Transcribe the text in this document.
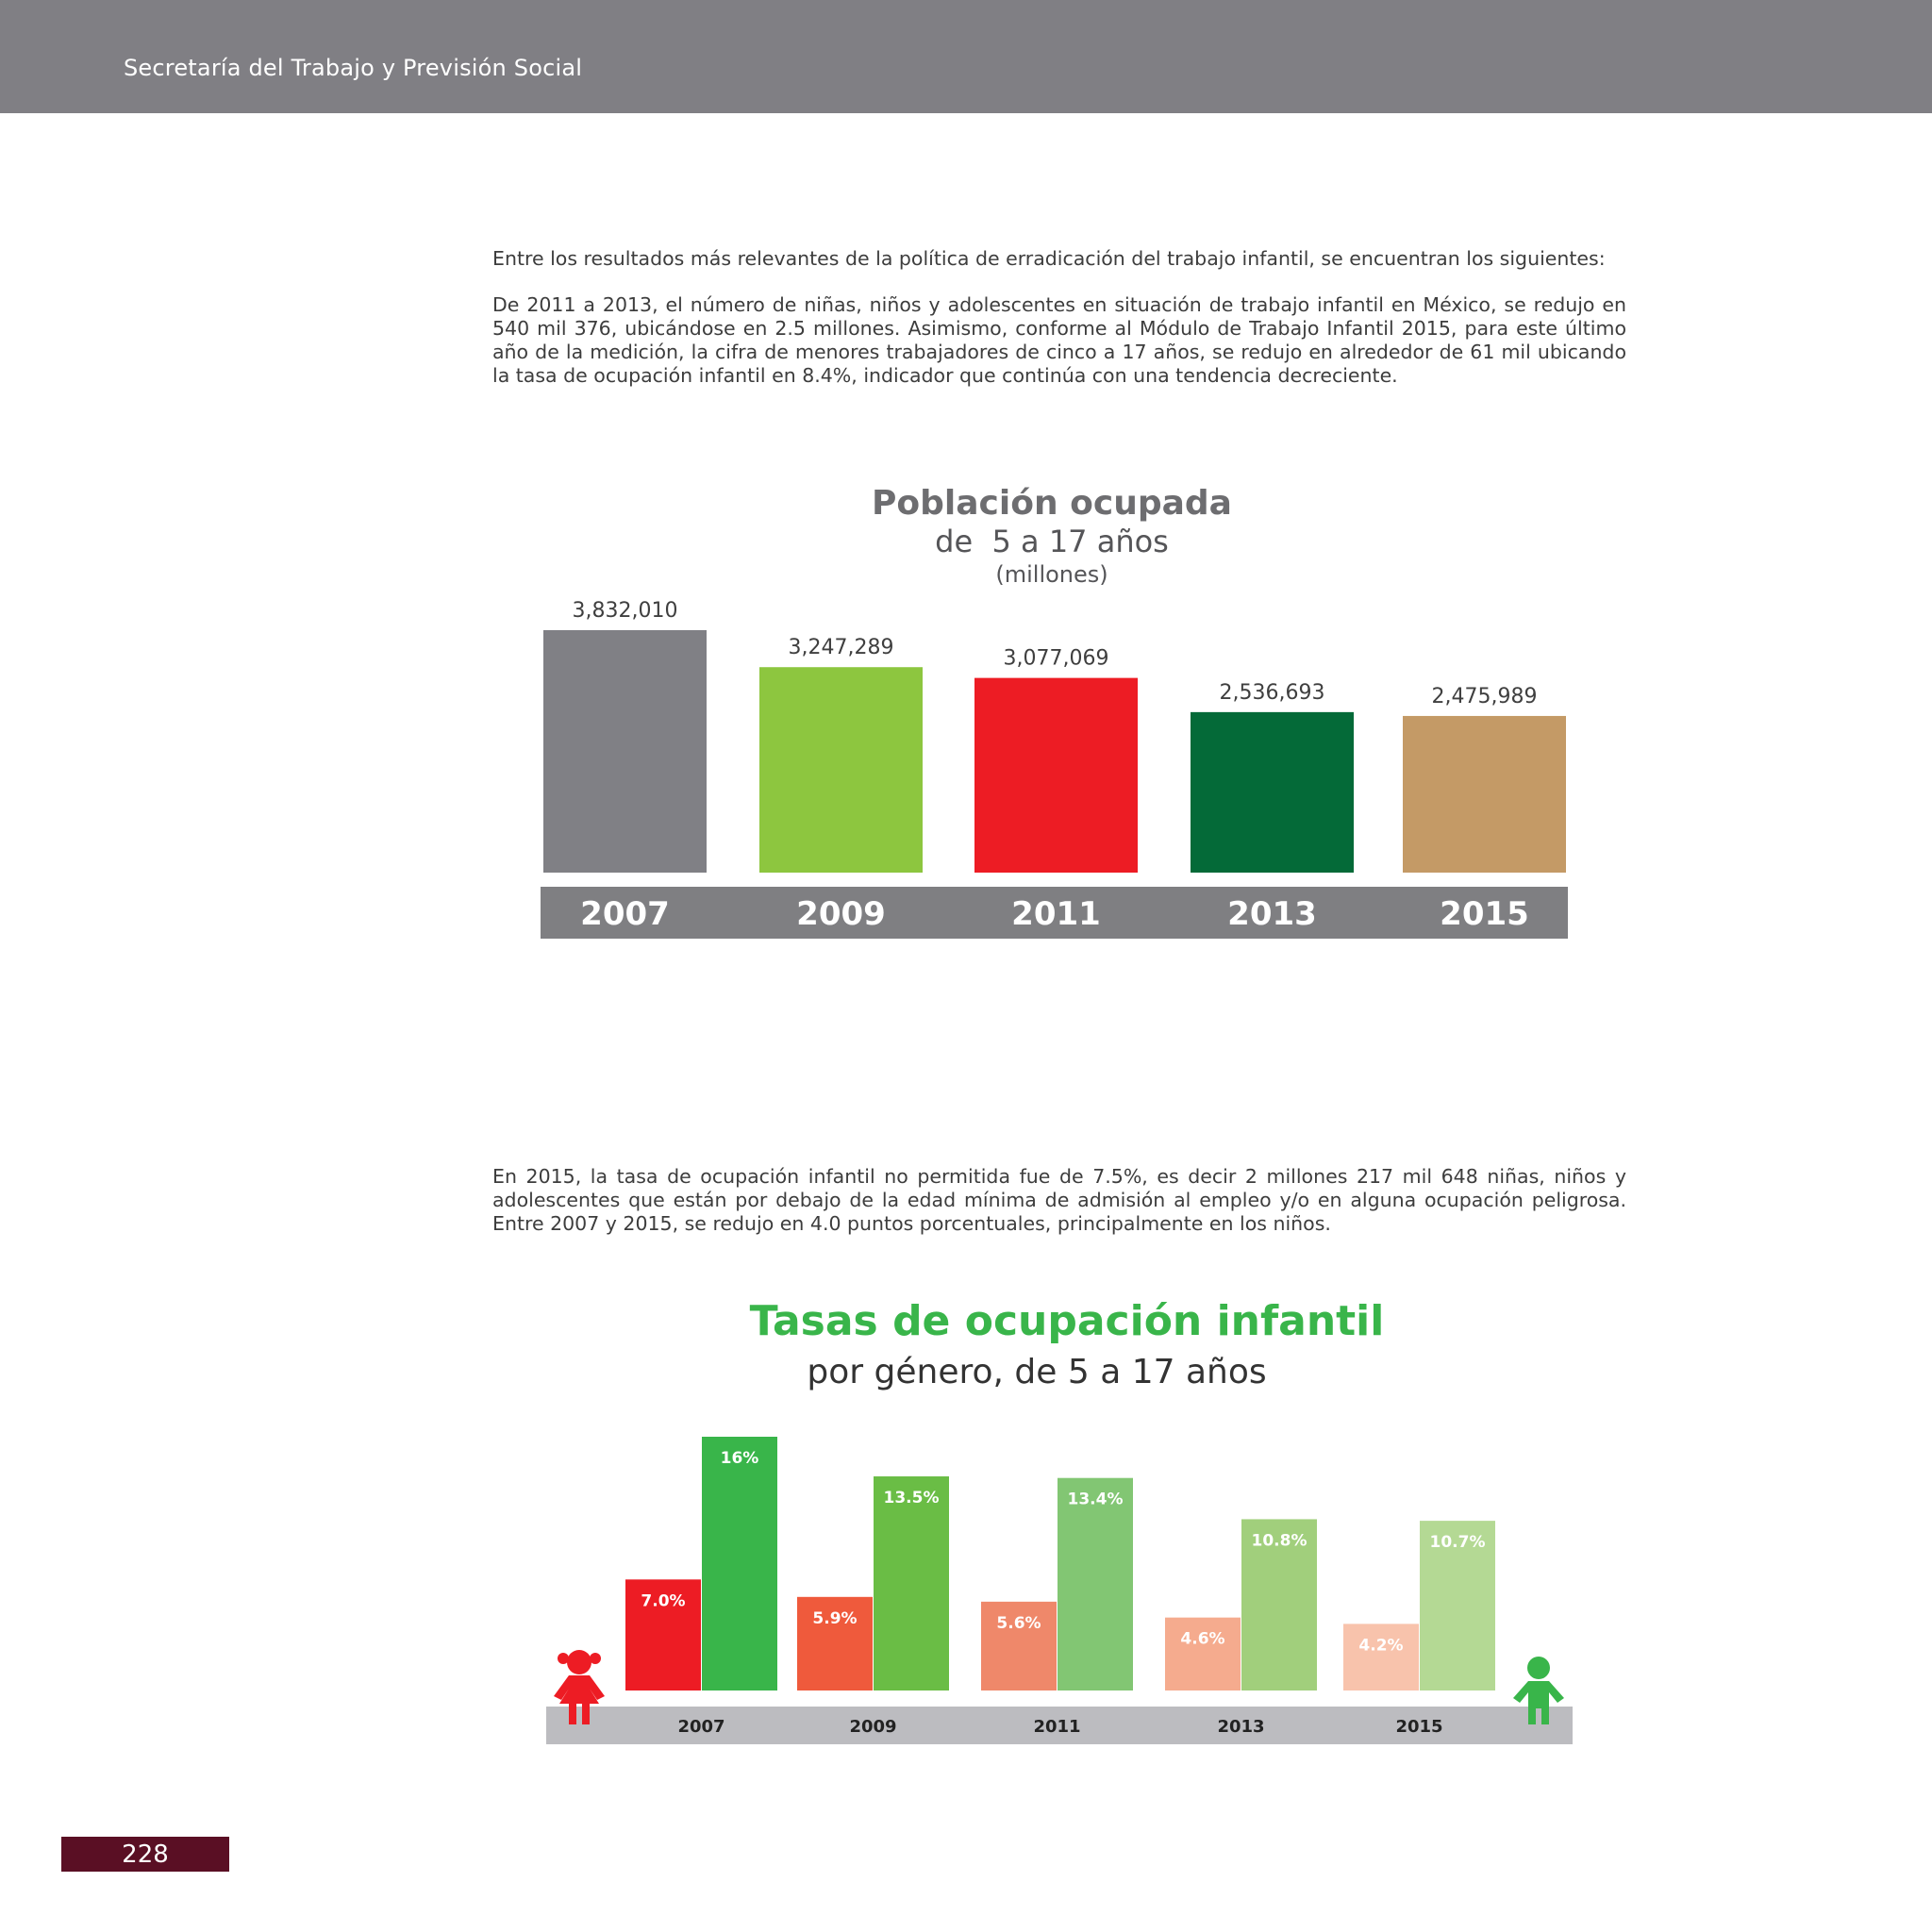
Secretaría del Trabajo y Previsión Social

Entre los resultados más relevantes de la política de erradicación del trabajo infantil, se encuentran los siguientes:

De 2011 a 2013, el número de niñas, niños y adolescentes en situación de trabajo infantil en México, se redujo en 540 mil 376, ubicándose en 2.5 millones. Asimismo, conforme al Módulo de Trabajo Infantil 2015, para este último año de la medición, la cifra de menores trabajadores de cinco a 17 años, se redujo en alrededor de 61 mil ubicando la tasa de ocupación infantil en 8.4%, indicador que continúa con una tendencia decreciente.

Población ocupada
de  5 a 17 años
(millones)
3,832,010
2007
3,247,289
2009
3,077,069
2011
2,536,693
2013
2,475,989
2015

En 2015, la tasa de ocupación infantil no permitida fue de 7.5%, es decir 2 millones 217 mil 648 niñas, niños y adolescentes que están por debajo de la edad mínima de admisión al empleo y/o en alguna ocupación peligrosa. Entre 2007 y 2015, se redujo en 4.0 puntos porcentuales, principalmente en los niños.

Tasas de ocupación infantil
por género, de 5 a 17 años
7.0%
5.9%	5.6%
4.6%	4.2%
16%
13.5%	13.4%
10.8%	10.7%
2007	2009	2011	2013	2015
228
